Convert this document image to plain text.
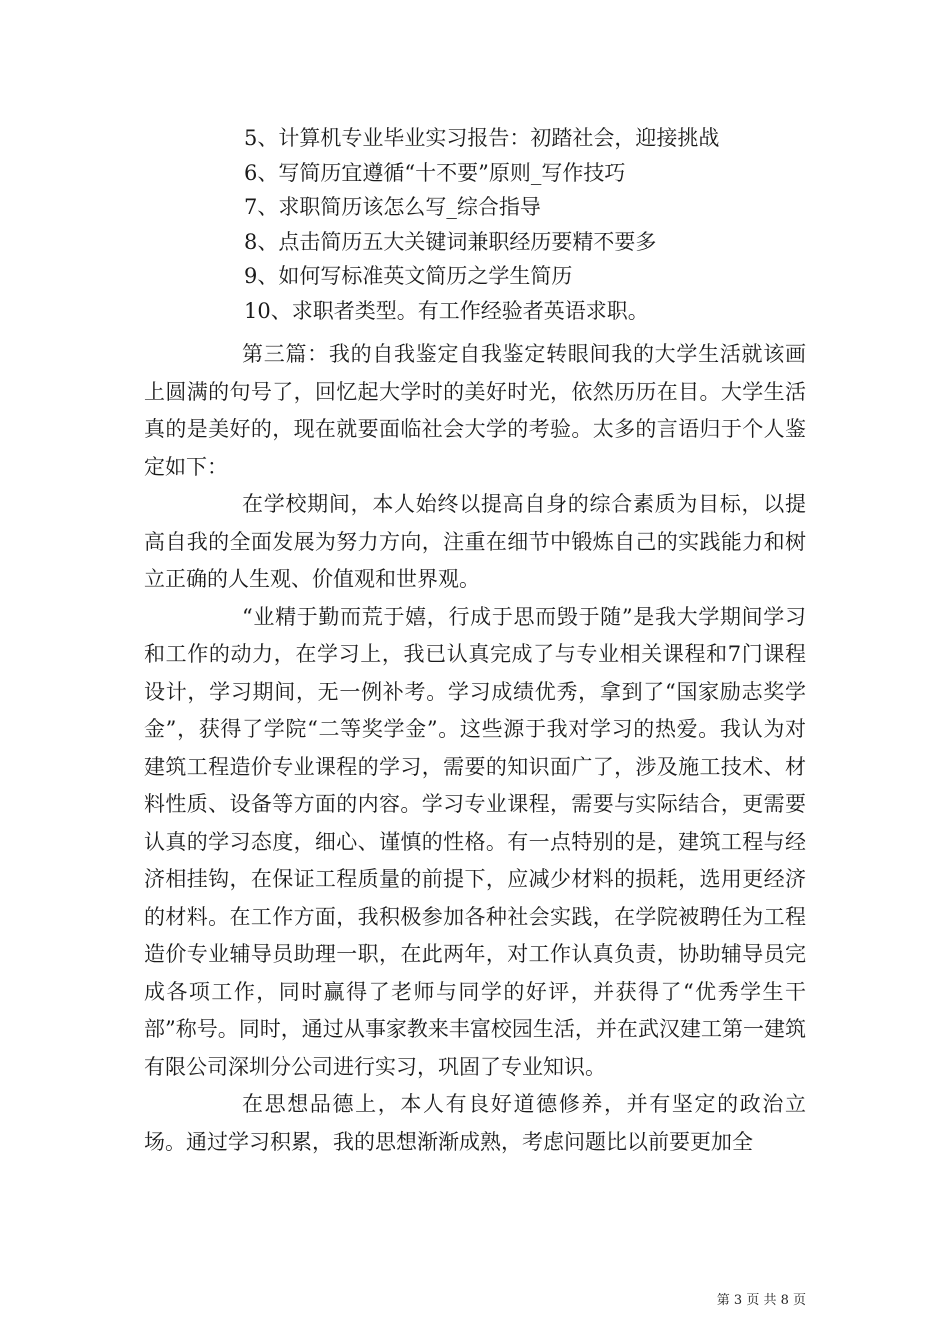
5、计算机专业毕业实习报告：初踏社会，迎接挑战
6、写简历宜遵循“十不要”原则_写作技巧
7、求职简历该怎么写_综合指导
8、点击简历五大关键词兼职经历要精不要多
9、如何写标准英文简历之学生简历
10、求职者类型。有工作经验者英语求职。

第三篇：我的自我鉴定自我鉴定转眼间我的大学生活就该画上圆满的句号了，回忆起大学时的美好时光，依然历历在目。大学生活真的是美好的，现在就要面临社会大学的考验。太多的言语归于个人鉴定如下：

在学校期间，本人始终以提高自身的综合素质为目标，以提高自我的全面发展为努力方向，注重在细节中锻炼自己的实践能力和树立正确的人生观、价值观和世界观。

“业精于勤而荒于嬉，行成于思而毁于随”是我大学期间学习和工作的动力，在学习上，我已认真完成了与专业相关课程和7门课程设计，学习期间，无一例补考。学习成绩优秀，拿到了“国家励志奖学金”，获得了学院“二等奖学金”。这些源于我对学习的热爱。我认为对建筑工程造价专业课程的学习，需要的知识面广了，涉及施工技术、材料性质、设备等方面的内容。学习专业课程，需要与实际结合，更需要认真的学习态度，细心、谨慎的性格。有一点特别的是，建筑工程与经济相挂钩，在保证工程质量的前提下，应减少材料的损耗，选用更经济的材料。在工作方面，我积极参加各种社会实践，在学院被聘任为工程造价专业辅导员助理一职，在此两年，对工作认真负责，协助辅导员完成各项工作，同时赢得了老师与同学的好评，并获得了“优秀学生干部”称号。同时，通过从事家教来丰富校园生活，并在武汉建工第一建筑有限公司深圳分公司进行实习，巩固了专业知识。

在思想品德上，本人有良好道德修养，并有坚定的政治立场。通过学习积累，我的思想渐渐成熟，考虑问题比以前要更加全

第 3 页 共 8 页
